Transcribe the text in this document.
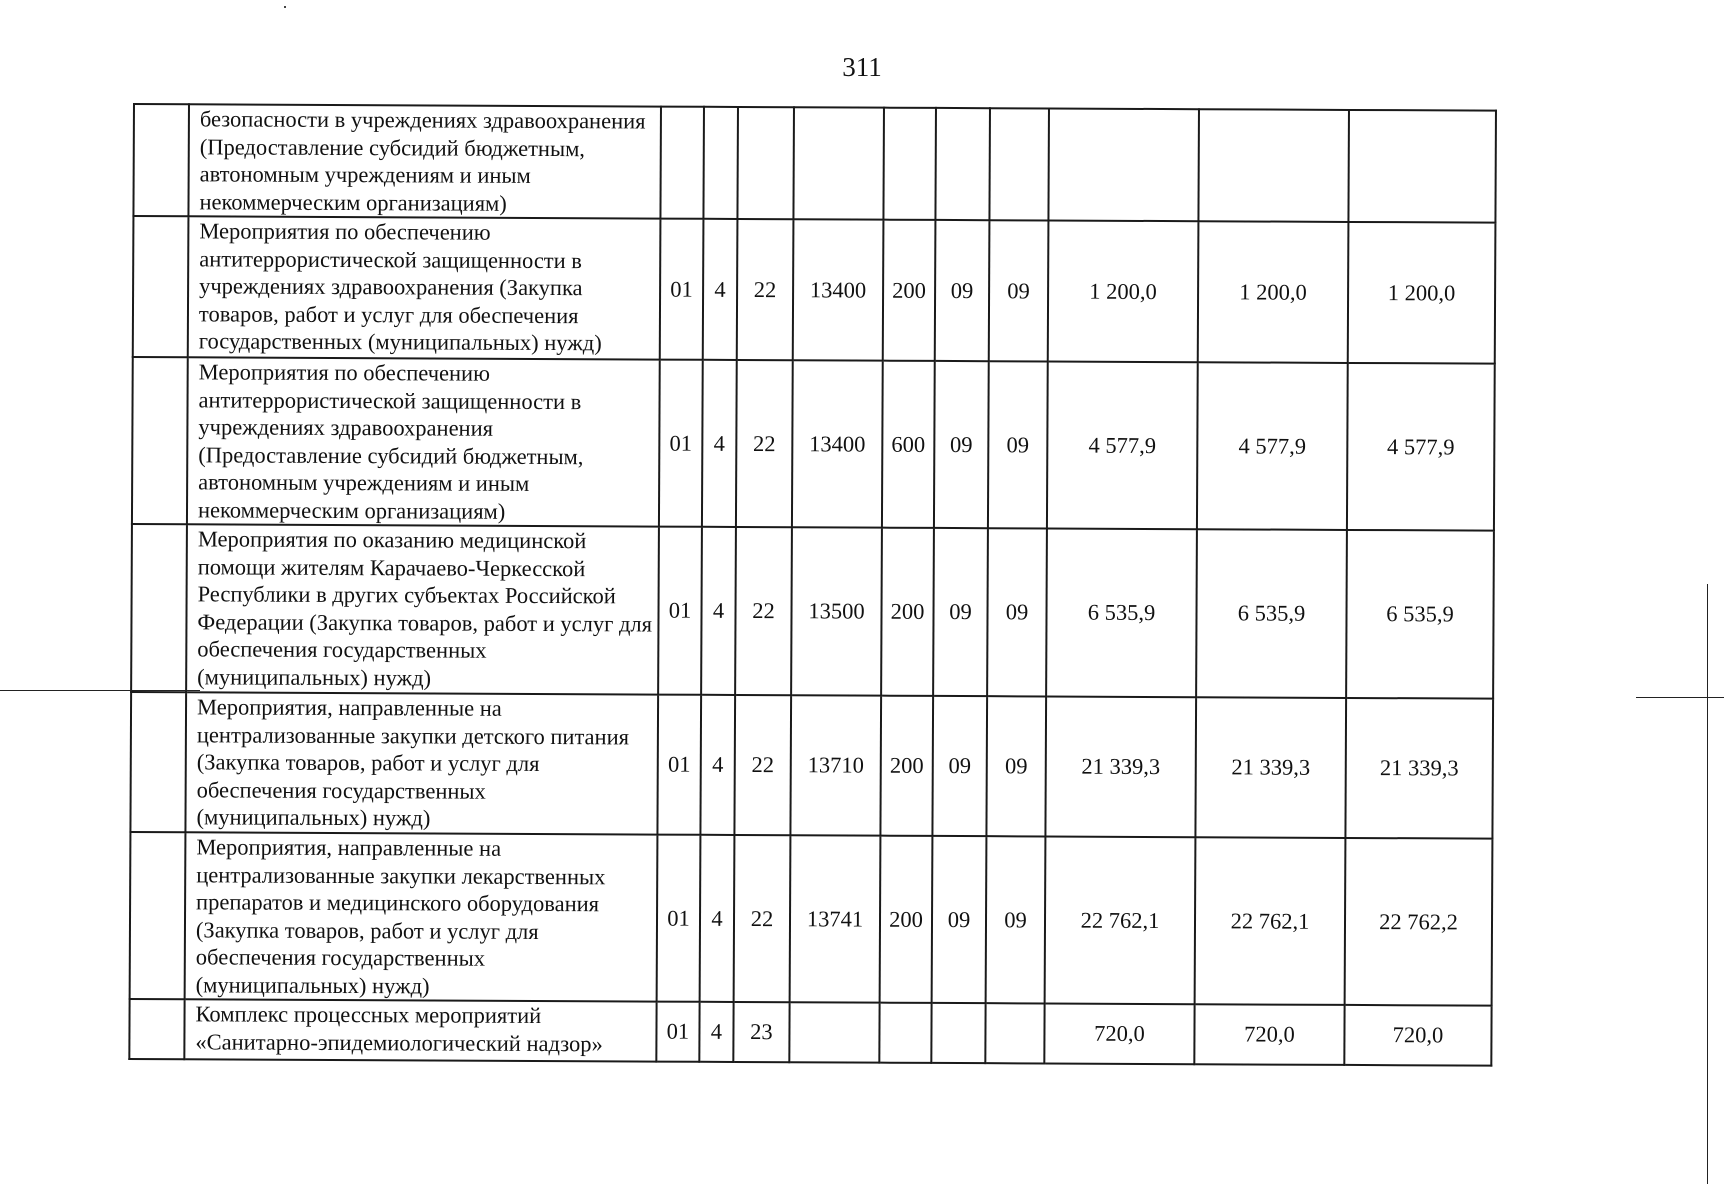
311
	безопасности в учреждениях здравоохранения (Предоставление субсидий бюджетным, автономным учреждениям и иным некоммерческим организациям)										
	Мероприятия по обеспечению антитеррористической защищенности в учреждениях здравоохранения (Закупка товаров, работ и услуг для обеспечения государственных (муниципальных) нужд)	01	4	22	13400	200	09	09	1 200,0	1 200,0	1 200,0
	Мероприятия по обеспечению антитеррористической защищенности в учреждениях здравоохранения (Предоставление субсидий бюджетным, автономным учреждениям и иным некоммерческим организациям)	01	4	22	13400	600	09	09	4 577,9	4 577,9	4 577,9
	Мероприятия по оказанию медицинской помощи жителям Карачаево-Черкесской Республики в других субъектах Российской Федерации (Закупка товаров, работ и услуг для обеспечения государственных (муниципальных) нужд)	01	4	22	13500	200	09	09	6 535,9	6 535,9	6 535,9
	Мероприятия, направленные на централизованные закупки детского питания (Закупка товаров, работ и услуг для обеспечения государственных (муниципальных) нужд)	01	4	22	13710	200	09	09	21 339,3	21 339,3	21 339,3
	Мероприятия, направленные на централизованные закупки лекарственных препаратов и медицинского оборудования (Закупка товаров, работ и услуг для обеспечения государственных (муниципальных) нужд)	01	4	22	13741	200	09	09	22 762,1	22 762,1	22 762,2
	Комплекс процессных мероприятий «Санитарно-эпидемиологический надзор»	01	4	23					720,0	720,0	720,0
